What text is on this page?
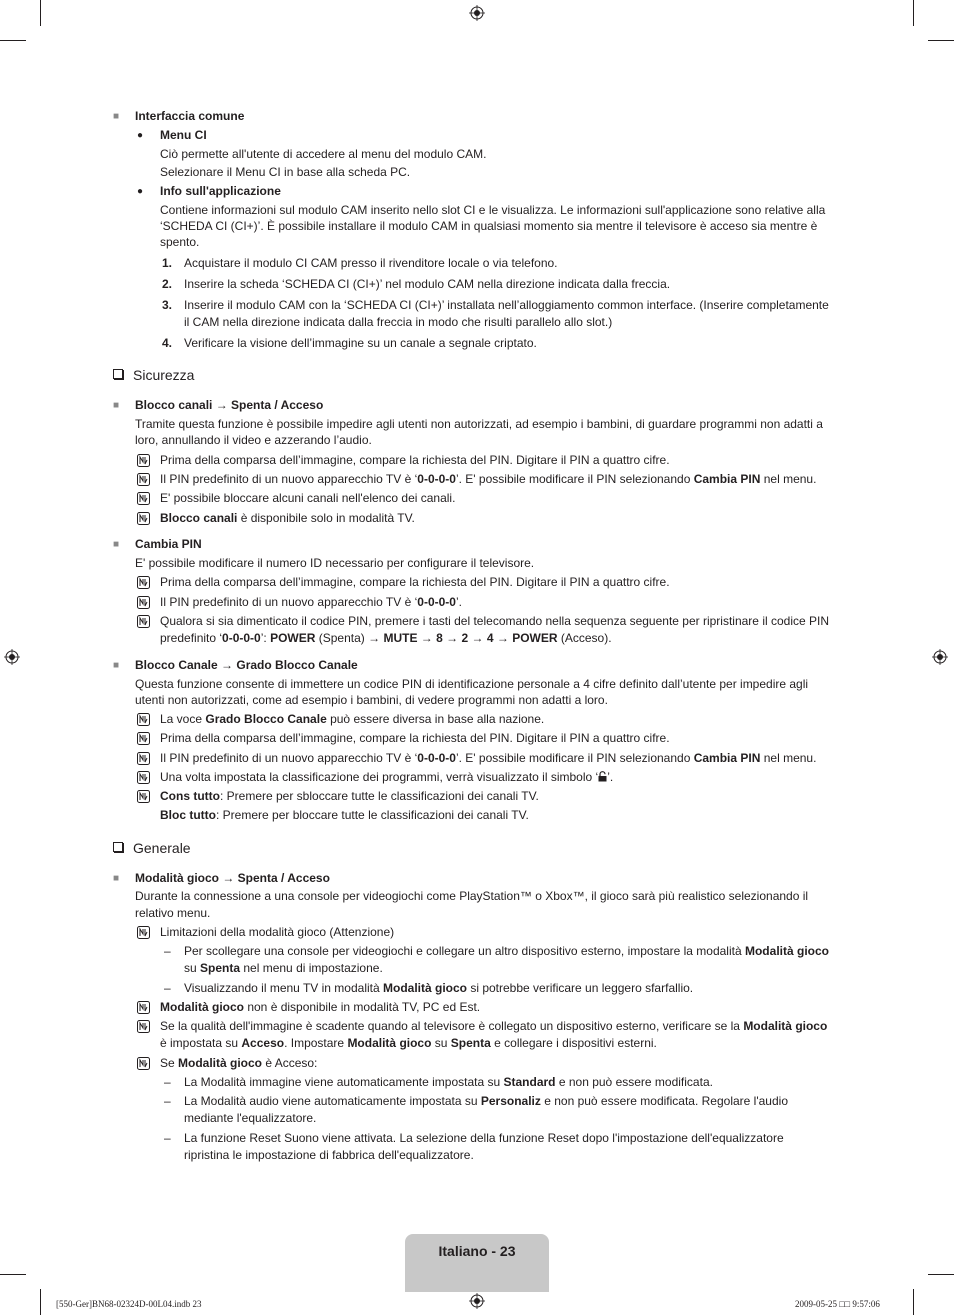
■ Interfaccia comune
● Menu CI
Ciò permette all'utente di accedere al menu del modulo CAM.
Selezionare il Menu CI in base alla scheda PC.
● Info sull'applicazione
Contiene informazioni sul modulo CAM inserito nello slot CI e le visualizza. Le informazioni sull'applicazione sono relative alla
‘SCHEDA CI (CI+)’. È possibile installare il modulo CAM in qualsiasi momento sia mentre il televisore è acceso sia mentre è
spento.
1. Acquistare il modulo CI CAM presso il rivenditore locale o via telefono.
2. Inserire la scheda ‘SCHEDA CI (CI+)’ nel modulo CAM nella direzione indicata dalla freccia.
3. Inserire il modulo CAM con la ‘SCHEDA CI (CI+)’ installata nell’alloggiamento common interface. (Inserire completamente
il CAM nella direzione indicata dalla freccia in modo che risulti parallelo allo slot.)
4. Verificare la visione dell’immagine su un canale a segnale criptato.
Sicurezza
■ Blocco canali → Spenta / Acceso
Tramite questa funzione è possibile impedire agli utenti non autorizzati, ad esempio i bambini, di guardare programmi non adatti a
loro, annullando il video e azzerando l’audio.
Prima della comparsa dell’immagine, compare la richiesta del PIN. Digitare il PIN a quattro cifre.
Il PIN predefinito di un nuovo apparecchio TV è ‘0-0-0-0’. E' possibile modificare il PIN selezionando Cambia PIN nel menu.
E' possibile bloccare alcuni canali nell'elenco dei canali.
Blocco canali è disponibile solo in modalità TV.
■ Cambia PIN
E' possibile modificare il numero ID necessario per configurare il televisore.
Prima della comparsa dell’immagine, compare la richiesta del PIN. Digitare il PIN a quattro cifre.
Il PIN predefinito di un nuovo apparecchio TV è ‘0-0-0-0’.
Qualora si sia dimenticato il codice PIN, premere i tasti del telecomando nella sequenza seguente per ripristinare il codice PIN
predefinito ‘0-0-0-0’: POWER (Spenta) → MUTE → 8 → 2 → 4 → POWER (Acceso).
■ Blocco Canale → Grado Blocco Canale
Questa funzione consente di immettere un codice PIN di identificazione personale a 4 cifre definito dall’utente per impedire agli
utenti non autorizzati, come ad esempio i bambini, di vedere programmi non adatti a loro.
La voce Grado Blocco Canale può essere diversa in base alla nazione.
Prima della comparsa dell’immagine, compare la richiesta del PIN. Digitare il PIN a quattro cifre.
Il PIN predefinito di un nuovo apparecchio TV è ‘0-0-0-0’. E' possibile modificare il PIN selezionando Cambia PIN nel menu.
Una volta impostata la classificazione dei programmi, verrà visualizzato il simbolo ‘ ’.
Cons tutto: Premere per sbloccare tutte le classificazioni dei canali TV.
Bloc tutto: Premere per bloccare tutte le classificazioni dei canali TV.
Generale
■ Modalità gioco → Spenta / Acceso
Durante la connessione a una console per videogiochi come PlayStation™ o Xbox™, il gioco sarà più realistico selezionando il
relativo menu.
Limitazioni della modalità gioco (Attenzione)
– Per scollegare una console per videogiochi e collegare un altro dispositivo esterno, impostare la modalità Modalità gioco
su Spenta nel menu di impostazione.
– Visualizzando il menu TV in modalità Modalità gioco si potrebbe verificare un leggero sfarfallio.
Modalità gioco non è disponibile in modalità TV, PC ed Est.
Se la qualità dell'immagine è scadente quando al televisore è collegato un dispositivo esterno, verificare se la Modalità gioco
è impostata su Acceso. Impostare Modalità gioco su Spenta e collegare i dispositivi esterni.
Se Modalità gioco è Acceso:
– La Modalità immagine viene automaticamente impostata su Standard e non può essere modificata.
– La Modalità audio viene automaticamente impostata su Personaliz e non può essere modificata. Regolare l'audio
mediante l'equalizzatore.
– La funzione Reset Suono viene attivata. La selezione della funzione Reset dopo l'impostazione dell'equalizzatore
ripristina le impostazione di fabbrica dell'equalizzatore.
Italiano - 23
[550-Ger]BN68-02324D-00L04.indb 23	2009-05-25 □□ 9:57:06
